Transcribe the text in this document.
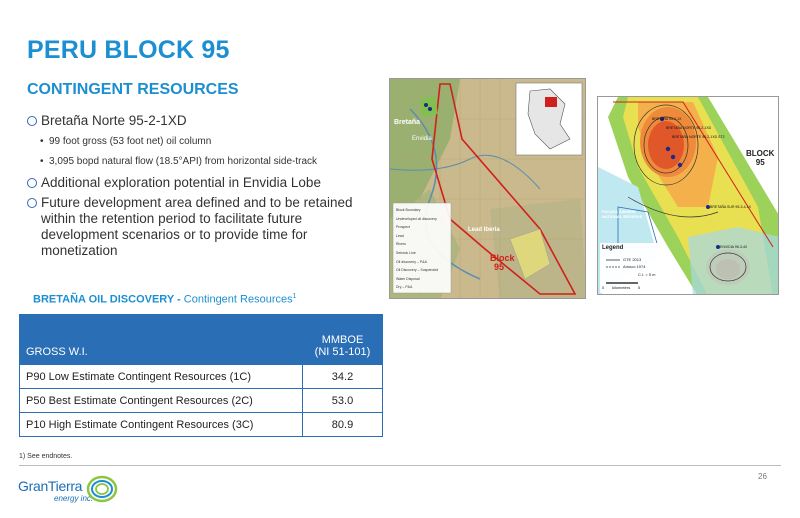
PERU BLOCK 95
CONTINGENT RESOURCES
Bretaña Norte 95-2-1XD
• 99 foot gross (53 foot net) oil column
• 3,095 bopd natural flow (18.5°API) from horizontal side-track
Additional exploration potential in Envidia Lobe
Future development area defined and to be retained within the retention period to facilitate future development scenarios or to provide time for monetization
BRETAÑA OIL DISCOVERY - Contingent Resources$^1$
GROSS W.I.	MMBOE
(NI 51-101)

P90 Low Estimate Contingent Resources (1C)	34.2
P50 Best Estimate Contingent Resources (2C)	53.0
P10 High Estimate Contingent Resources (3C)	80.9
1) See endnotes.
26
GranTierra
energy inc.
Bretaña
Envidia
Lead Iberia
Block
95
Block Boundary
Undeveloped oil discovery
Prospect
Lead
Rivers
Seismic Line
Oil discovery – P&A
Oil Discovery – Suspended
Water Disposal
Dry – P&A
BLOCK
95
BRETAÑA 95-2-1X
BRETAÑA NORTE 95-2-1XD
BRETAÑA NORTE 95-2-1XD ST2
BRETAÑA SUR 95-3-4-1X
ENVIDIA 95-3-4X
PACAYA SAMIRIA
NATIONAL RESERVE
Legend
GTE 2013
Amoco 1974
C.I. = 5 m
0	5
kilometers
